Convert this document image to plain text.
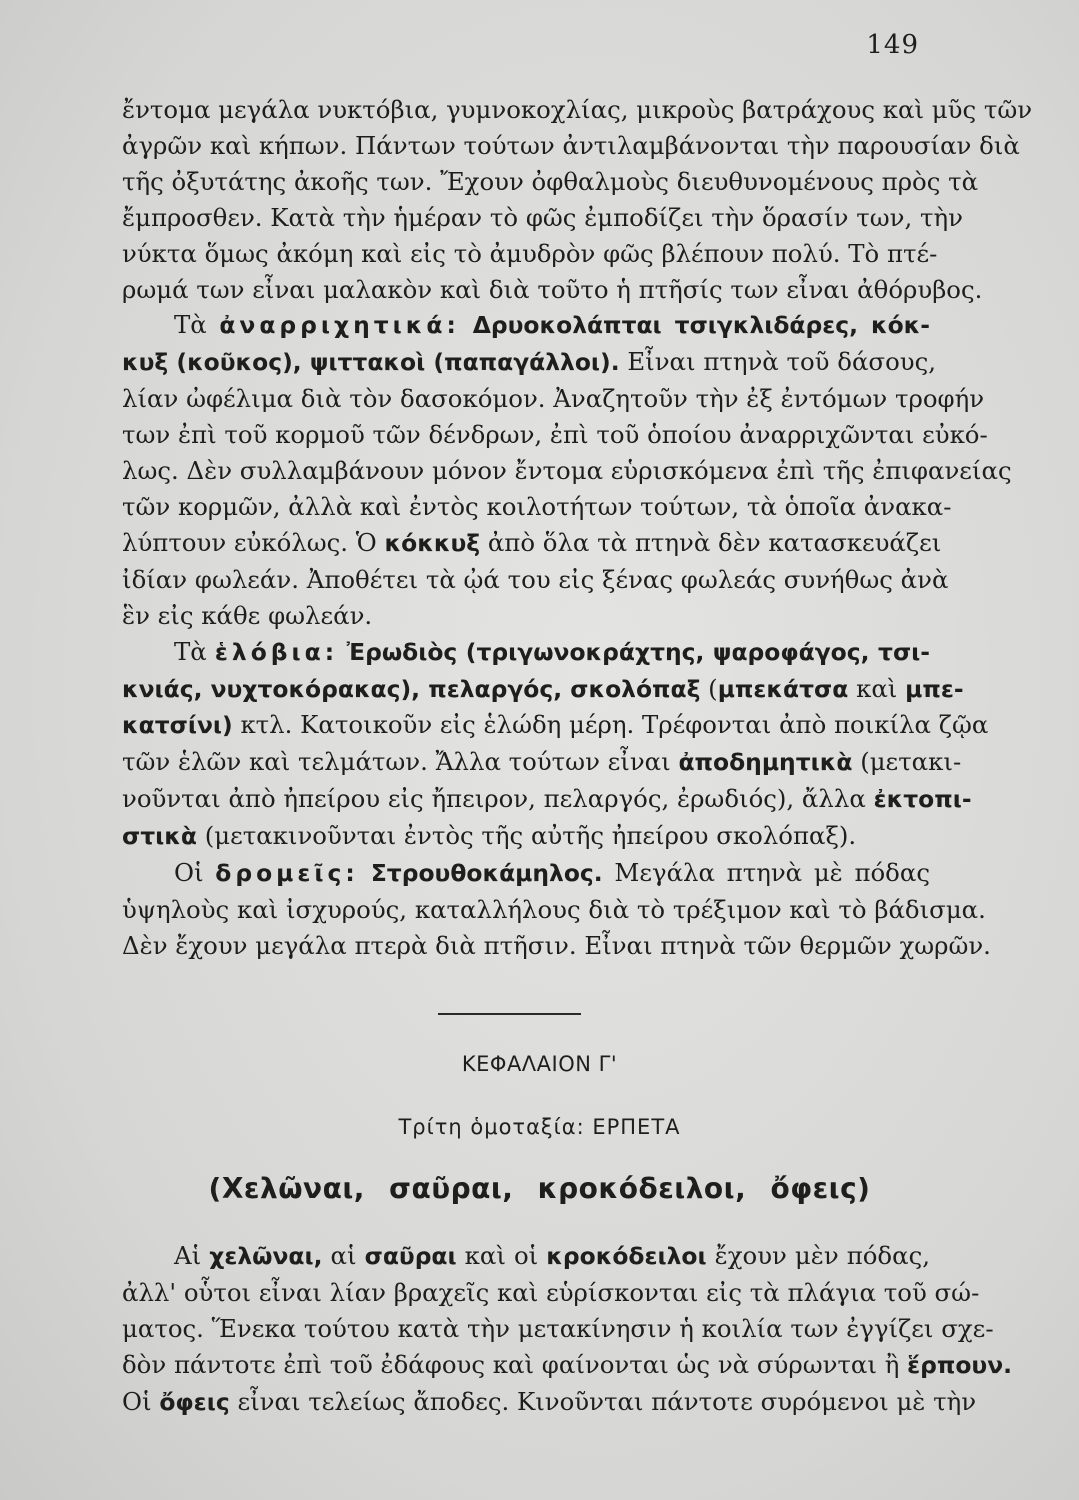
149
ἔντομα μεγάλα νυκτόβια, γυμνοκοχλίας, μικροὺς βατράχους καὶ μῦς τῶν
ἀγρῶν καὶ κήπων. Πάντων τούτων ἀντιλαμβάνονται τὴν παρουσίαν διὰ
τῆς ὀξυτάτης ἀκοῆς των. Ἔχουν ὀφθαλμοὺς διευθυνομένους πρὸς τὰ
ἔμπροσθεν. Κατὰ τὴν ἡμέραν τὸ φῶς ἐμποδίζει τὴν ὅρασίν των, τὴν
νύκτα ὅμως ἀκόμη καὶ εἰς τὸ ἀμυδρὸν φῶς βλέπουν πολύ. Τὸ πτέ-
ρωμά των εἶναι μαλακὸν καὶ διὰ τοῦτο ἡ πτῆσίς των εἶναι ἀθόρυβος.
Τὰ ἀναρριχητικά: Δρυοκολάπται τσιγκλιδάρες, κόκ-
κυξ (κοῦκος), ψιττακοὶ (παπαγάλλοι). Εἶναι πτηνὰ τοῦ δάσους,
λίαν ὠφέλιμα διὰ τὸν δασοκόμον. Ἀναζητοῦν τὴν ἐξ ἐντόμων τροφήν
των ἐπὶ τοῦ κορμοῦ τῶν δένδρων, ἐπὶ τοῦ ὁποίου ἀναρριχῶνται εὐκό-
λως. Δὲν συλλαμβάνουν μόνον ἔντομα εὑρισκόμενα ἐπὶ τῆς ἐπιφανείας
τῶν κορμῶν, ἀλλὰ καὶ ἐντὸς κοιλοτήτων τούτων, τὰ ὁποῖα ἀνακα-
λύπτουν εὐκόλως. Ὁ κόκκυξ ἀπὸ ὅλα τὰ πτηνὰ δὲν κατασκευάζει
ἰδίαν φωλεάν. Ἀποθέτει τὰ ᾠά του εἰς ξένας φωλεάς συνήθως ἀνὰ
ἓν εἰς κάθε φωλεάν.
Τὰ ἑλόβια: Ἐρωδιὸς (τριγωνοκράχτης, ψαροφάγος, τσι-
κνιάς, νυχτοκόρακας), πελαργός, σκολόπαξ (μπεκάτσα καὶ μπε-
κατσίνι) κτλ. Κατοικοῦν εἰς ἑλώδη μέρη. Τρέφονται ἀπὸ ποικίλα ζῷα
τῶν ἑλῶν καὶ τελμάτων. Ἄλλα τούτων εἶναι ἀποδημητικὰ (μετακι-
νοῦνται ἀπὸ ἠπείρου εἰς ἤπειρον, πελαργός, ἐρωδιός), ἄλλα ἐκτοπι-
στικὰ (μετακινοῦνται ἐντὸς τῆς αὐτῆς ἠπείρου σκολόπαξ).
Οἱ δρομεῖς: Στρουθοκάμηλος. Μεγάλα πτηνὰ μὲ πόδας
ὑψηλοὺς καὶ ἰσχυρούς, καταλλήλους διὰ τὸ τρέξιμον καὶ τὸ βάδισμα.
Δὲν ἔχουν μεγάλα πτερὰ διὰ πτῆσιν. Εἶναι πτηνὰ τῶν θερμῶν χωρῶν.
ΚΕΦΑΛΑΙΟΝ Γ'
Τρίτη ὁμοταξία: ΕΡΠΕΤΑ
(Χελῶναι, σαῦραι, κροκόδειλοι, ὄφεις)
Αἱ χελῶναι, αἱ σαῦραι καὶ οἱ κροκόδειλοι ἔχουν μὲν πόδας,
ἀλλ' οὗτοι εἶναι λίαν βραχεῖς καὶ εὑρίσκονται εἰς τὰ πλάγια τοῦ σώ-
ματος. Ἕνεκα τούτου κατὰ τὴν μετακίνησιν ἡ κοιλία των ἐγγίζει σχε-
δὸν πάντοτε ἐπὶ τοῦ ἐδάφους καὶ φαίνονται ὡς νὰ σύρωνται ἢ ἕρπουν.
Οἱ ὄφεις εἶναι τελείως ἄποδες. Κινοῦνται πάντοτε συρόμενοι μὲ τὴν
